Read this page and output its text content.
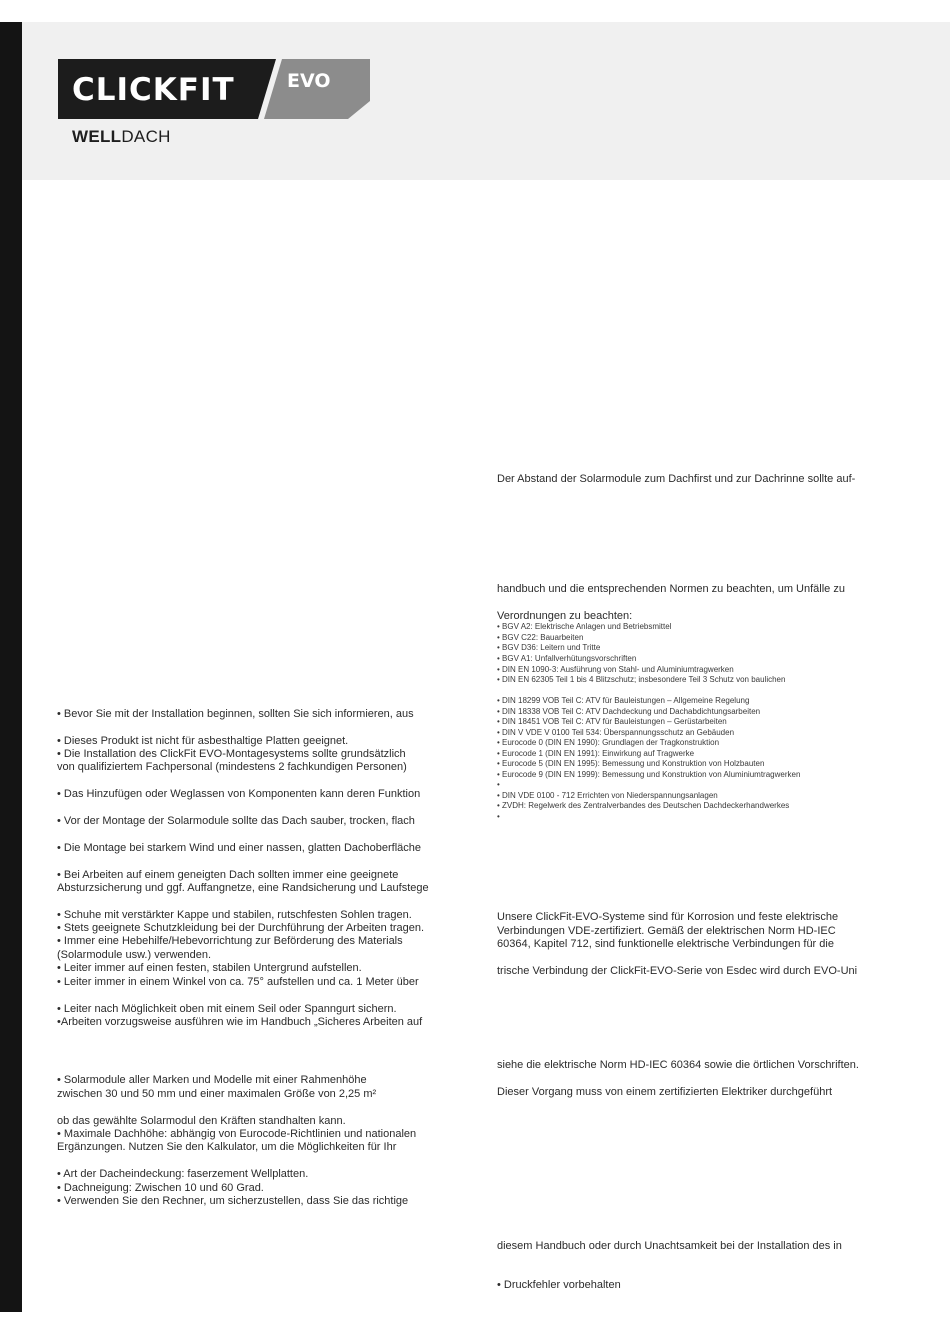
CLICKFIT	EVO
WELLDACH
• Bevor Sie mit der Installation beginnen, sollten Sie sich informieren, aus
• Dieses Produkt ist nicht für asbesthaltige Platten geeignet.
• Die Installation des ClickFit EVO-Montagesystems sollte grundsätzlich
von qualifiziertem Fachpersonal (mindestens 2 fachkundigen Personen)
• Das Hinzufügen oder Weglassen von Komponenten kann deren Funktion
• Vor der Montage der Solarmodule sollte das Dach sauber, trocken, flach
• Die Montage bei starkem Wind und einer nassen, glatten Dachoberfläche
• Bei Arbeiten auf einem geneigten Dach sollten immer eine geeignete
Absturzsicherung und ggf. Auffangnetze, eine Randsicherung und Laufstege
• Schuhe mit verstärkter Kappe und stabilen, rutschfesten Sohlen tragen.
• Stets geeignete Schutzkleidung bei der Durchführung der Arbeiten tragen.
• Immer eine Hebehilfe/Hebevorrichtung zur Beförderung des Materials
(Solarmodule usw.) verwenden.
• Leiter immer auf einen festen, stabilen Untergrund aufstellen.
• Leiter immer in einem Winkel von ca. 75° aufstellen und ca. 1 Meter über
• Leiter nach Möglichkeit oben mit einem Seil oder Spanngurt sichern.
•Arbeiten vorzugsweise ausführen wie im Handbuch „Sicheres Arbeiten auf
• Solarmodule aller Marken und Modelle mit einer Rahmenhöhe
zwischen 30 und 50 mm und einer maximalen Größe von 2,25 m²
ob das gewählte Solarmodul den Kräften standhalten kann.
• Maximale Dachhöhe: abhängig von Eurocode-Richtlinien und nationalen
Ergänzungen. Nutzen Sie den Kalkulator, um die Möglichkeiten für Ihr
• Art der Dacheindeckung: faserzement Wellplatten.
• Dachneigung: Zwischen 10 und 60 Grad.
• Verwenden Sie den Rechner, um sicherzustellen, dass Sie das richtige
Der Abstand der Solarmodule zum Dachfirst und zur Dachrinne sollte auf-
handbuch und die entsprechenden Normen zu beachten, um Unfälle zu
Verordnungen zu beachten:
• BGV A2: Elektrische Anlagen und Betriebsmittel
• BGV C22: Bauarbeiten
• BGV D36: Leitern und Tritte
• BGV A1: Unfallverhütungsvorschriften
• DIN EN 1090-3: Ausführung von Stahl- und Aluminiumtragwerken
• DIN EN 62305 Teil 1 bis 4 Blitzschutz; insbesondere Teil 3 Schutz von baulichen
• DIN 18299 VOB Teil C: ATV für Bauleistungen – Allgemeine Regelung
• DIN 18338 VOB Teil C: ATV Dachdeckung und Dachabdichtungsarbeiten
• DIN 18451 VOB Teil C: ATV für Bauleistungen – Gerüstarbeiten
• DIN V VDE V 0100 Teil 534: Überspannungsschutz an Gebäuden
• Eurocode 0 (DIN EN 1990): Grundlagen der Tragkonstruktion
• Eurocode 1 (DIN EN 1991): Einwirkung auf Tragwerke
• Eurocode 5 (DIN EN 1995): Bemessung und Konstruktion von Holzbauten
• Eurocode 9 (DIN EN 1999): Bemessung und Konstruktion von Aluminiumtragwerken
•
• DIN VDE 0100 - 712 Errichten von Niederspannungsanlagen
• ZVDH: Regelwerk des Zentralverbandes des Deutschen Dachdeckerhandwerkes
•
Unsere ClickFit-EVO-Systeme sind für Korrosion und feste elektrische
Verbindungen VDE-zertifiziert. Gemäß der elektrischen Norm HD-IEC
60364, Kapitel 712, sind funktionelle elektrische Verbindungen für die
trische Verbindung der ClickFit-EVO-Serie von Esdec wird durch EVO-Uni
siehe die elektrische Norm HD-IEC 60364 sowie die örtlichen Vorschriften.
Dieser Vorgang muss von einem zertifizierten Elektriker durchgeführt
diesem Handbuch oder durch Unachtsamkeit bei der Installation des in
• Druckfehler vorbehalten
